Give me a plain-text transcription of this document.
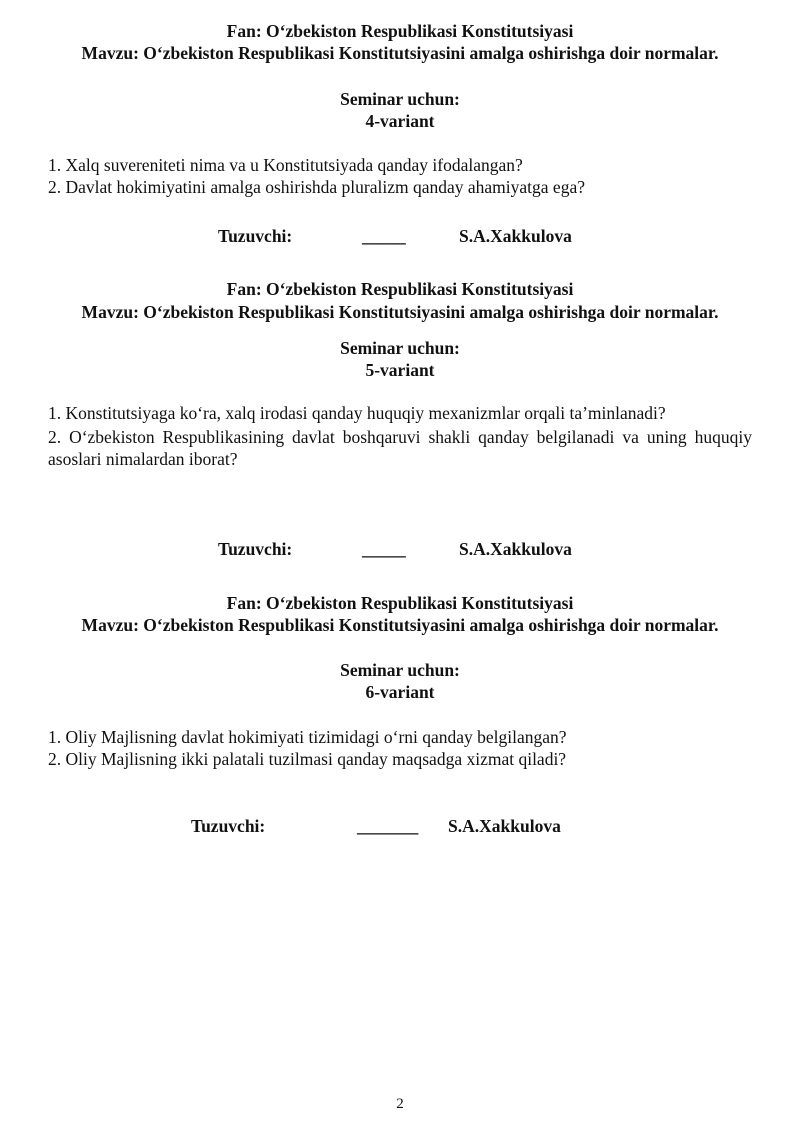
Fan: O‘zbekiston Respublikasi Konstitutsiyasi
Mavzu: O‘zbekiston Respublikasi Konstitutsiyasini amalga oshirishga doir normalar.
Seminar uchun:
4-variant
1. Xalq suvereniteti nima va u Konstitutsiyada qanday ifodalangan?
2. Davlat hokimiyatini amalga oshirishda pluralizm qanday ahamiyatga ega?
Tuzuvchi:	_____	S.A.Xakkulova
Fan: O‘zbekiston Respublikasi Konstitutsiyasi
Mavzu: O‘zbekiston Respublikasi Konstitutsiyasini amalga oshirishga doir normalar.
Seminar uchun:
5-variant
1. Konstitutsiyaga ko‘ra, xalq irodasi qanday huquqiy mexanizmlar orqali ta’minlanadi?
2. O‘zbekiston Respublikasining davlat boshqaruvi shakli qanday belgilanadi va uning huquqiy asoslari nimalardan iborat?
Tuzuvchi:	_____	S.A.Xakkulova
Fan: O‘zbekiston Respublikasi Konstitutsiyasi
Mavzu: O‘zbekiston Respublikasi Konstitutsiyasini amalga oshirishga doir normalar.
Seminar uchun:
6-variant
1. Oliy Majlisning davlat hokimiyati tizimidagi o‘rni qanday belgilangan?
2. Oliy Majlisning ikki palatali tuzilmasi qanday maqsadga xizmat qiladi?
Tuzuvchi:	_______ S.A.Xakkulova
2
